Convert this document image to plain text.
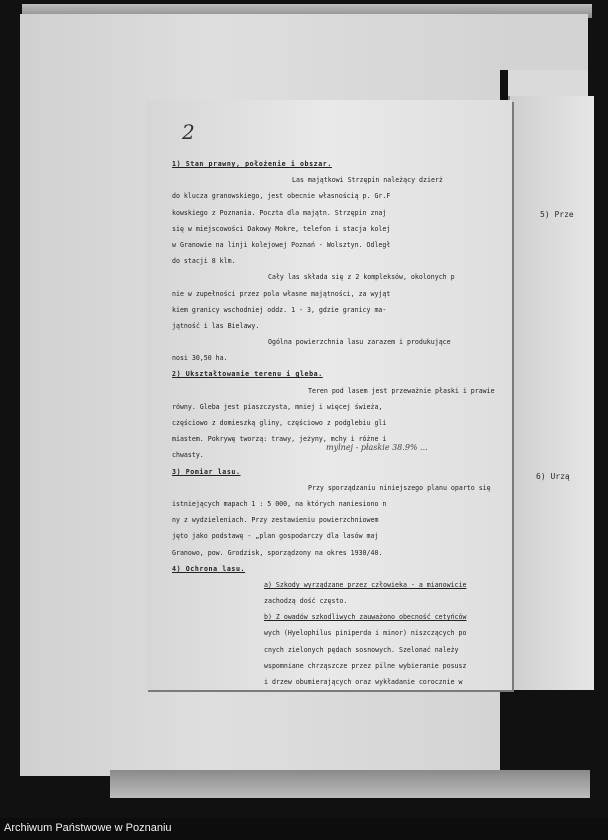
5) Prze
6) Urzą
2
1) Stan prawny, położenie i obszar.
Las majątkowi Strzępin należący dzierż
do klucza granowskiego, jest obecnie własnością p. Gr.F
kowskiego z Poznania. Poczta dla majątn. Strzępin znaj
się w miejscowości Dakowy Mokre, telefon i stacja kolej
w Granowie na linji kolejowej Poznań - Wolsztyn. Odległ
do stacji 8 klm.
Cały las składa się z 2 kompleksów, okolonych p
nie w zupełności przez pola własne majątności, za wyjąt
kiem granicy wschodniej oddz. 1 - 3, gdzie granicy ma-
jątność i las Bielawy.
Ogólna powierzchnia lasu zarazem i produkujące
nosi 30,50 ha.
2) Ukształtowanie terenu i gleba.
Teren pod lasem jest przeważnie płaski i prawie
równy. Gleba jest piaszczysta, mniej i więcej świeża,
częściowo z domieszką gliny, częściowo z podglebiu gli
miastem. Pokrywę tworzą: trawy, jeżyny, mchy i różne i
chwasty.
3) Pomiar lasu.
Przy sporządzaniu niniejszego planu oparto się
istniejących mapach 1 : 5 000, na których naniesiono n
ny z wydzieleniach. Przy zestawieniu powierzchniowem
jęto jako podstawę - „plan gospodarczy dla lasów maj
Granowo, pow. Grodzisk, sporządzony na okres 1930/40.
4) Ochrona lasu.
a) Szkody wyrządzane przez człowieka - a mianowicie
zachodzą dość często.
b) Z owadów szkodliwych zauważono obecność cetyńców
wych (Hyelophilus piniperda i minor) niszczących po
cnych zielonych pędach sosnowych. Szelonać należy
wspomniane chrząszcze przez pilne wybieranie posusz
i drzew obumierających oraz wykładanie corocznie w
mylnej - płaskie 38.9% ...
Archiwum Państwowe w Poznaniu
